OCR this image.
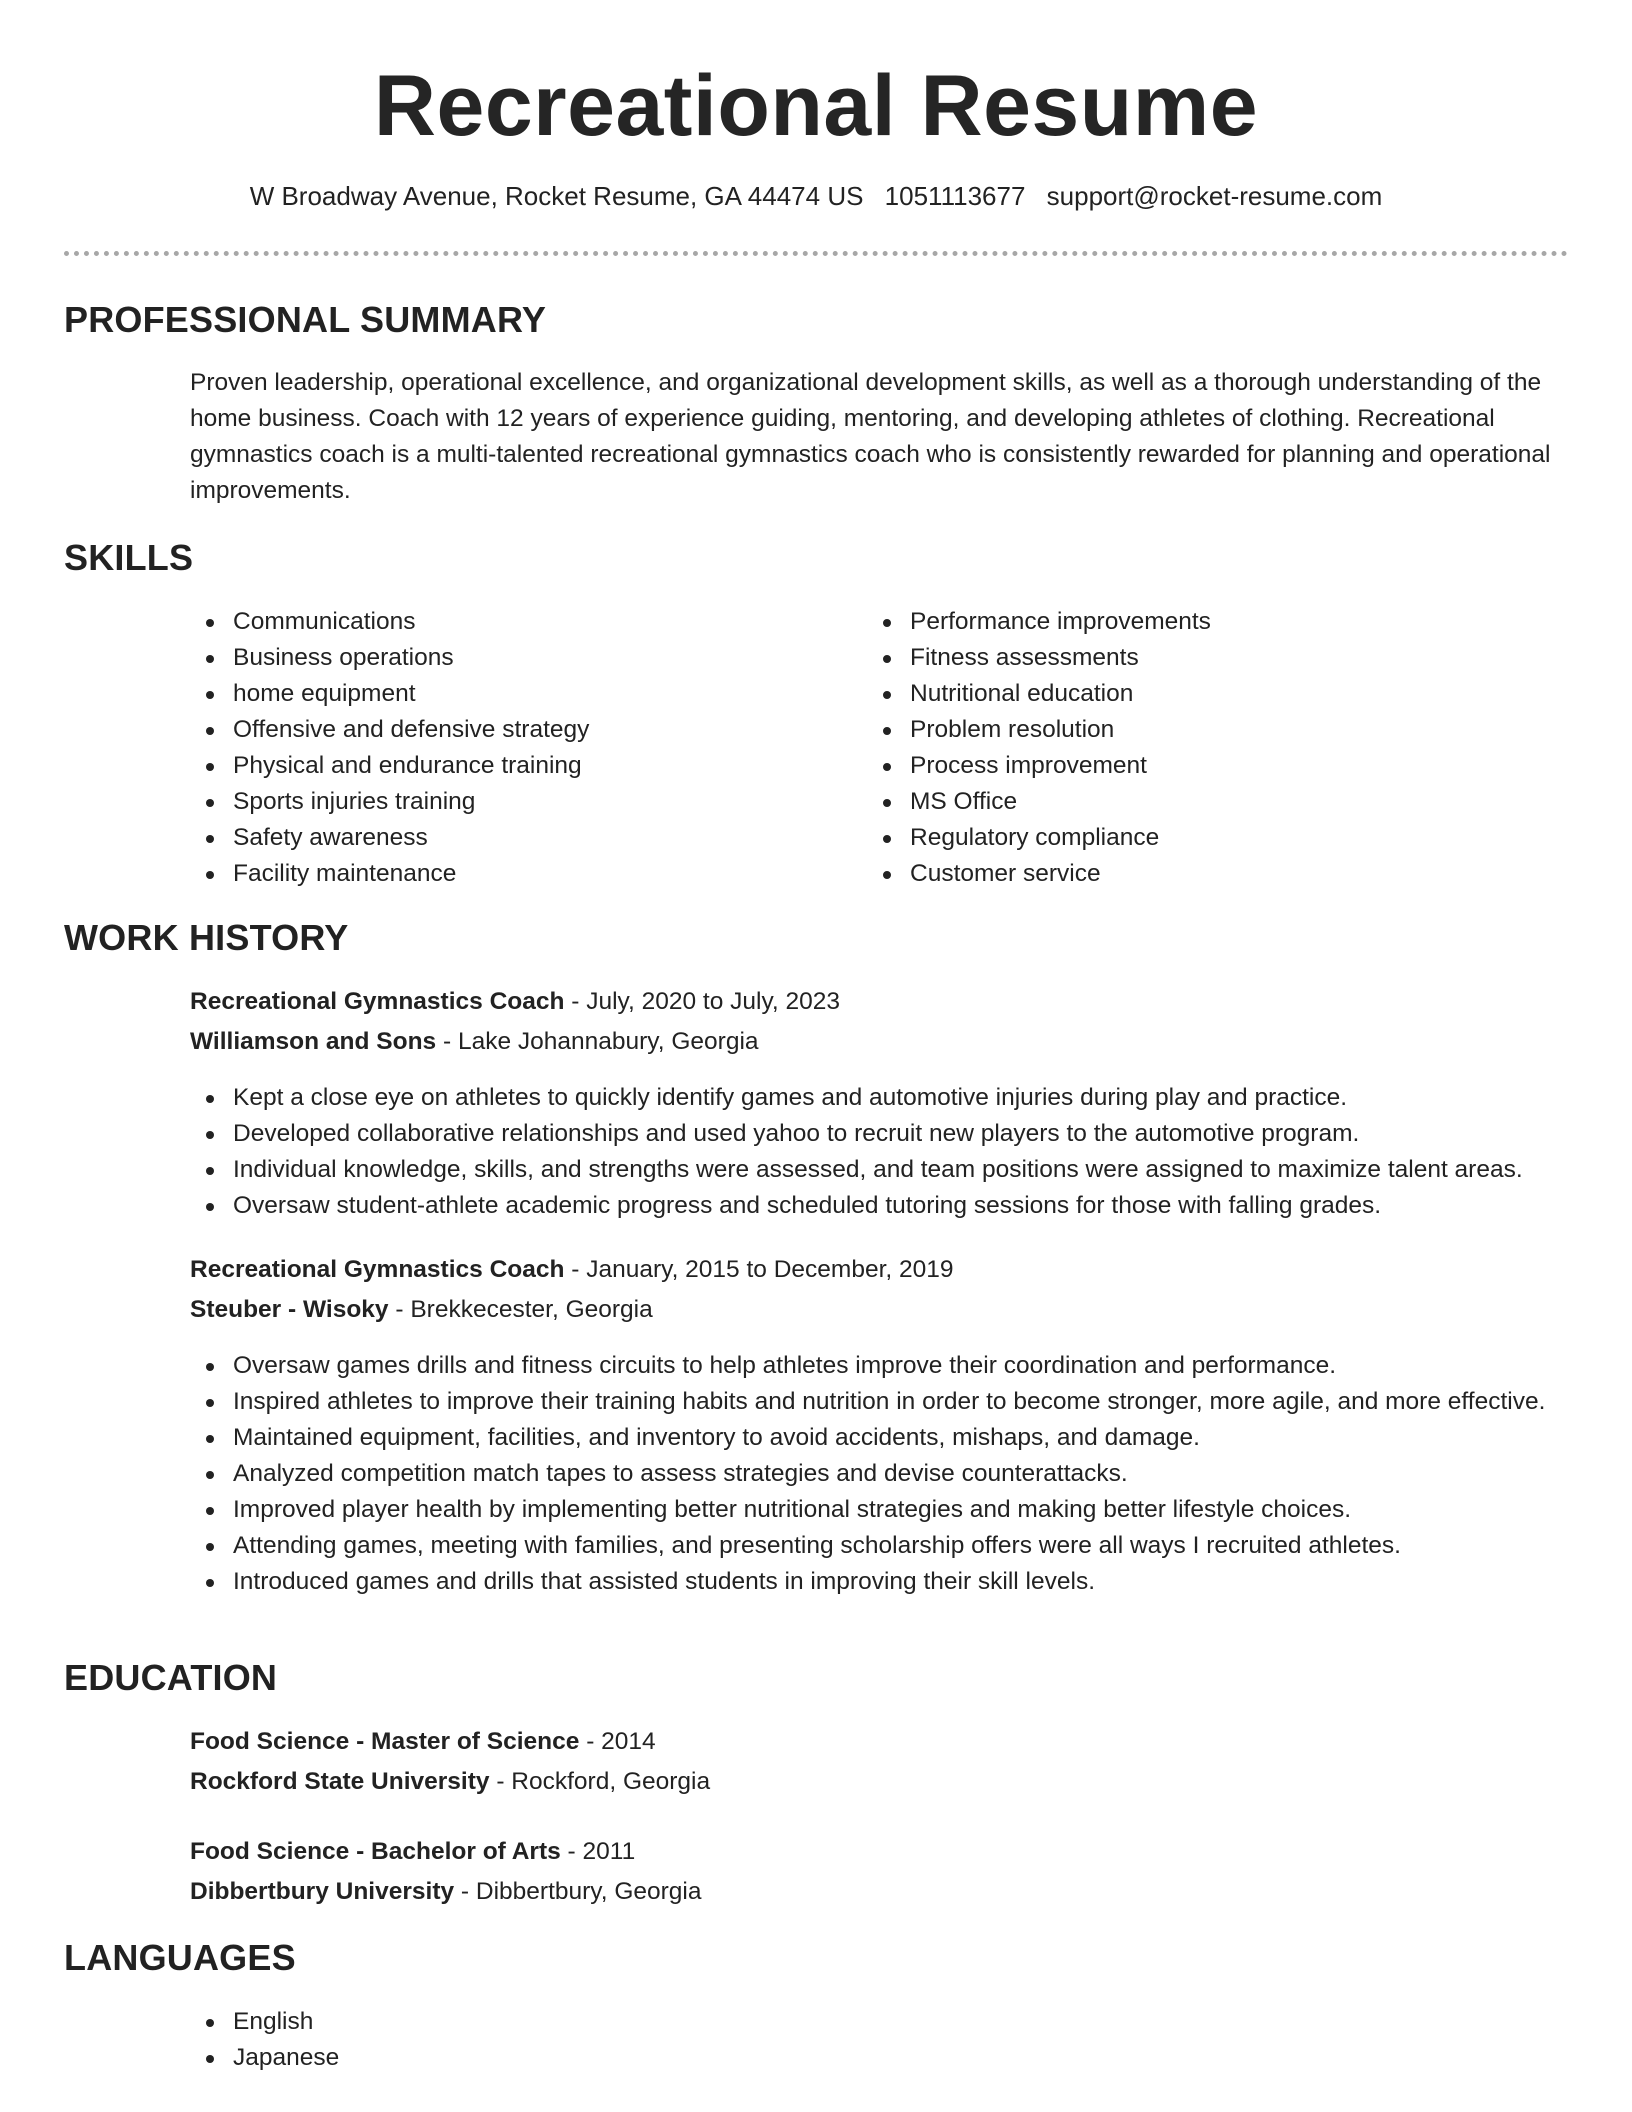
Recreational Resume
W Broadway Avenue, Rocket Resume, GA 44474 US 1051113677 support@rocket-resume.com
PROFESSIONAL SUMMARY
Proven leadership, operational excellence, and organizational development skills, as well as a thorough understanding of the home business. Coach with 12 years of experience guiding, mentoring, and developing athletes of clothing. Recreational gymnastics coach is a multi-talented recreational gymnastics coach who is consistently rewarded for planning and operational improvements.
SKILLS
Communications
Business operations
home equipment
Offensive and defensive strategy
Physical and endurance training
Sports injuries training
Safety awareness
Facility maintenance
Performance improvements
Fitness assessments
Nutritional education
Problem resolution
Process improvement
MS Office
Regulatory compliance
Customer service
WORK HISTORY
Recreational Gymnastics Coach - July, 2020 to July, 2023
Williamson and Sons - Lake Johannabury, Georgia
Kept a close eye on athletes to quickly identify games and automotive injuries during play and practice.
Developed collaborative relationships and used yahoo to recruit new players to the automotive program.
Individual knowledge, skills, and strengths were assessed, and team positions were assigned to maximize talent areas.
Oversaw student-athlete academic progress and scheduled tutoring sessions for those with falling grades.
Recreational Gymnastics Coach - January, 2015 to December, 2019
Steuber - Wisoky - Brekkecester, Georgia
Oversaw games drills and fitness circuits to help athletes improve their coordination and performance.
Inspired athletes to improve their training habits and nutrition in order to become stronger, more agile, and more effective.
Maintained equipment, facilities, and inventory to avoid accidents, mishaps, and damage.
Analyzed competition match tapes to assess strategies and devise counterattacks.
Improved player health by implementing better nutritional strategies and making better lifestyle choices.
Attending games, meeting with families, and presenting scholarship offers were all ways I recruited athletes.
Introduced games and drills that assisted students in improving their skill levels.
EDUCATION
Food Science - Master of Science - 2014
Rockford State University - Rockford, Georgia
Food Science - Bachelor of Arts - 2011
Dibbertbury University - Dibbertbury, Georgia
LANGUAGES
English
Japanese
